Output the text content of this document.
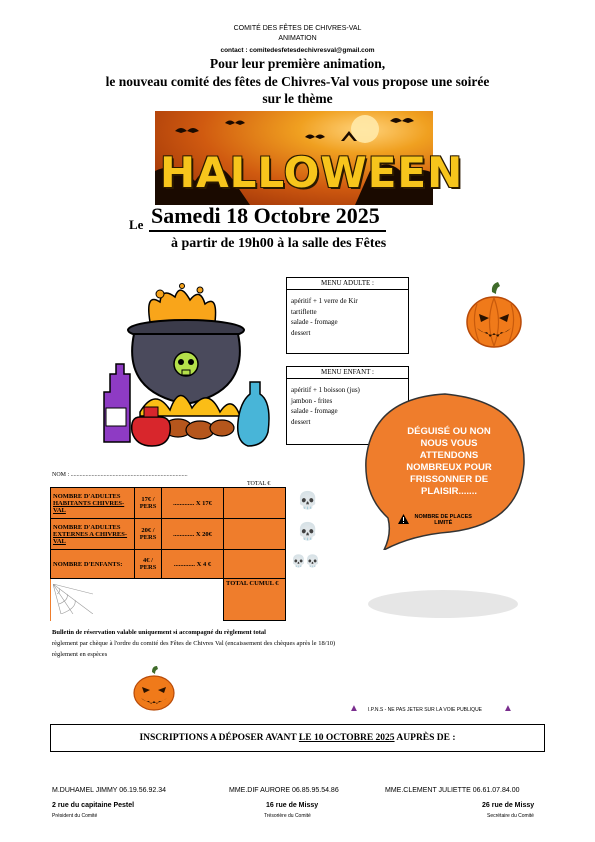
COMITÉ DES FÊTES DE CHIVRES-VAL
ANIMATION
contact : comitedesfetesdechivresval@gmail.com
Pour leur première animation,
le nouveau comité des fêtes de Chivres-Val vous propose une soirée
sur le thème
HALLOWEEN
Le Samedi 18 Octobre 2025
à partir de 19h00 à la salle des Fêtes
MENU ADULTE :
apéritif + 1 verre de Kir
tartiflette
salade - fromage
dessert
MENU ENFANT :
apéritif + 1 boisson (jus)
jambon - frites
salade - fromage
dessert
DÉGUISÉ OU NON
NOUS VOUS
ATTENDONS
NOMBREUX POUR
FRISSONNER DE
PLAISIR.......

NOMBRE DE PLACES
LIMITÉ
NOM : ..............................................................................
TOTAL €
NOMBRE D'ADULTES
HABITANTS CHIVRES-VAL	17€ / PERS	............. X 17€	
NOMBRE D'ADULTES
EXTERNES A CHIVRES-VAL	20€ / PERS	............. X 20€	
NOMBRE D'ENFANTS:	4€ / PERS	............. X 4 €	
			TOTAL CUMUL €
💀
💀
💀 💀
Bulletin de réservation valable uniquement si accompagné du règlement total
règlement par chèque à l'ordre du comité des Fêtes de Chivres Val (encaissement des chèques après le 18/10)
règlement en espèces
▲ I.P.N.S - NE PAS JETER SUR LA VOIE PUBLIQUE ▲
INSCRIPTIONS A DÉPOSER AVANT LE 10 OCTOBRE 2025 AUPRÈS DE :
M.DUHAMEL JIMMY 06.19.56.92.34
2 rue du capitaine Pestel
Président du Comité
MME.DIF AURORE 06.85.95.54.86
16 rue de Missy
Trésorière du Comité
MME.CLEMENT JULIETTE 06.61.07.84.00
26 rue de Missy
Secrétaire du Comité
